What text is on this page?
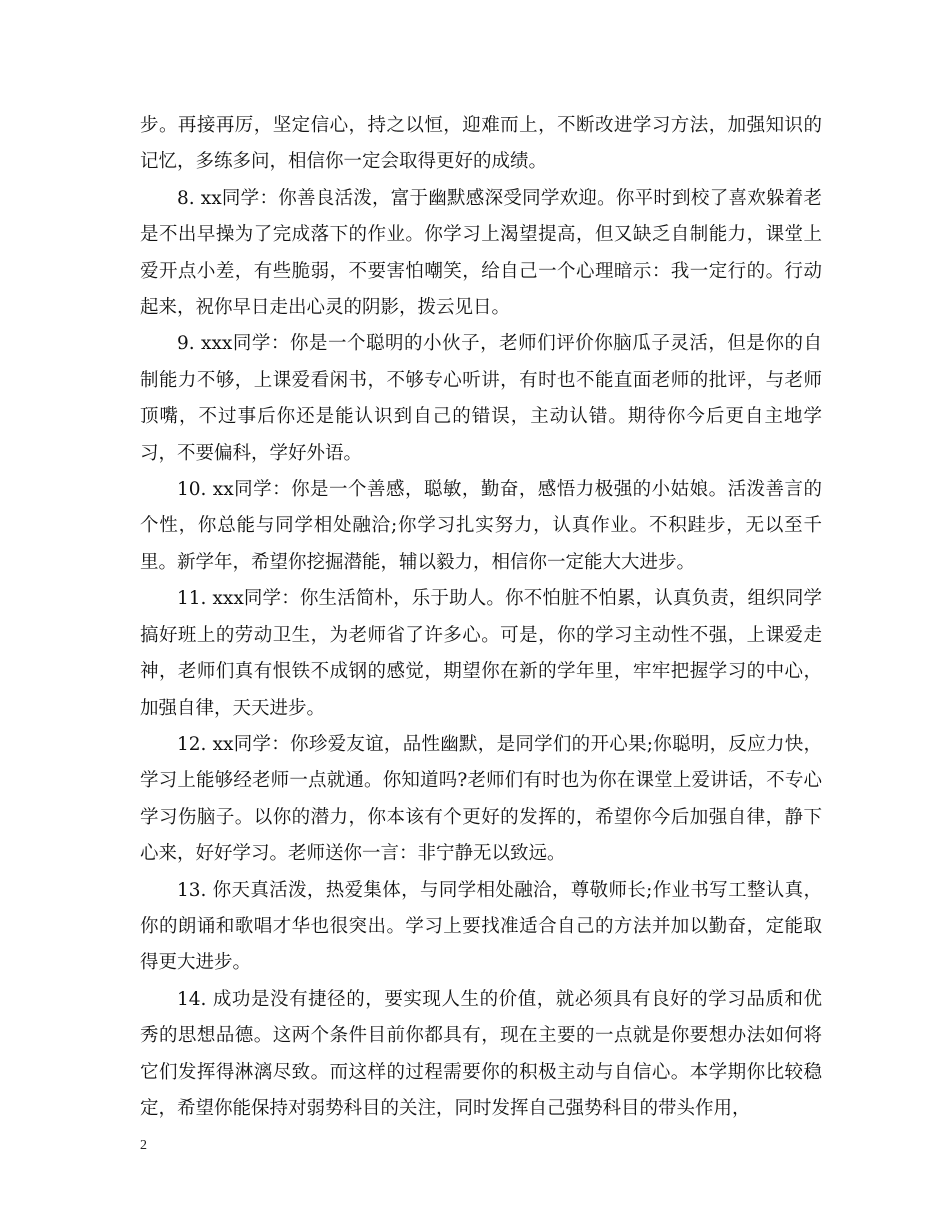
步。再接再厉，坚定信心，持之以恒，迎难而上，不断改进学习方法，加强知识的记忆，多练多问，相信你一定会取得更好的成绩。

8. xx同学：你善良活泼，富于幽默感深受同学欢迎。你平时到校了喜欢躲着老是不出早操为了完成落下的作业。你学习上渴望提高，但又缺乏自制能力，课堂上爱开点小差，有些脆弱，不要害怕嘲笑，给自己一个心理暗示：我一定行的。行动起来，祝你早日走出心灵的阴影，拨云见日。

9. xxx同学：你是一个聪明的小伙子，老师们评价你脑瓜子灵活，但是你的自制能力不够，上课爱看闲书，不够专心听讲，有时也不能直面老师的批评，与老师顶嘴，不过事后你还是能认识到自己的错误，主动认错。期待你今后更自主地学习，不要偏科，学好外语。

10. xx同学：你是一个善感，聪敏，勤奋，感悟力极强的小姑娘。活泼善言的个性，你总能与同学相处融洽;你学习扎实努力，认真作业。不积跬步，无以至千里。新学年，希望你挖掘潜能，辅以毅力，相信你一定能大大进步。

11. xxx同学：你生活简朴，乐于助人。你不怕脏不怕累，认真负责，组织同学搞好班上的劳动卫生，为老师省了许多心。可是，你的学习主动性不强，上课爱走神，老师们真有恨铁不成钢的感觉，期望你在新的学年里，牢牢把握学习的中心，加强自律，天天进步。

12. xx同学：你珍爱友谊，品性幽默，是同学们的开心果;你聪明，反应力快，学习上能够经老师一点就通。你知道吗?老师们有时也为你在课堂上爱讲话，不专心学习伤脑子。以你的潜力，你本该有个更好的发挥的，希望你今后加强自律，静下心来，好好学习。老师送你一言：非宁静无以致远。

13. 你天真活泼，热爱集体，与同学相处融洽，尊敬师长;作业书写工整认真，你的朗诵和歌唱才华也很突出。学习上要找准适合自己的方法并加以勤奋，定能取得更大进步。

14. 成功是没有捷径的，要实现人生的价值，就必须具有良好的学习品质和优秀的思想品德。这两个条件目前你都具有，现在主要的一点就是你要想办法如何将它们发挥得淋漓尽致。而这样的过程需要你的积极主动与自信心。本学期你比较稳定，希望你能保持对弱势科目的关注，同时发挥自己强势科目的带头作用，

2
